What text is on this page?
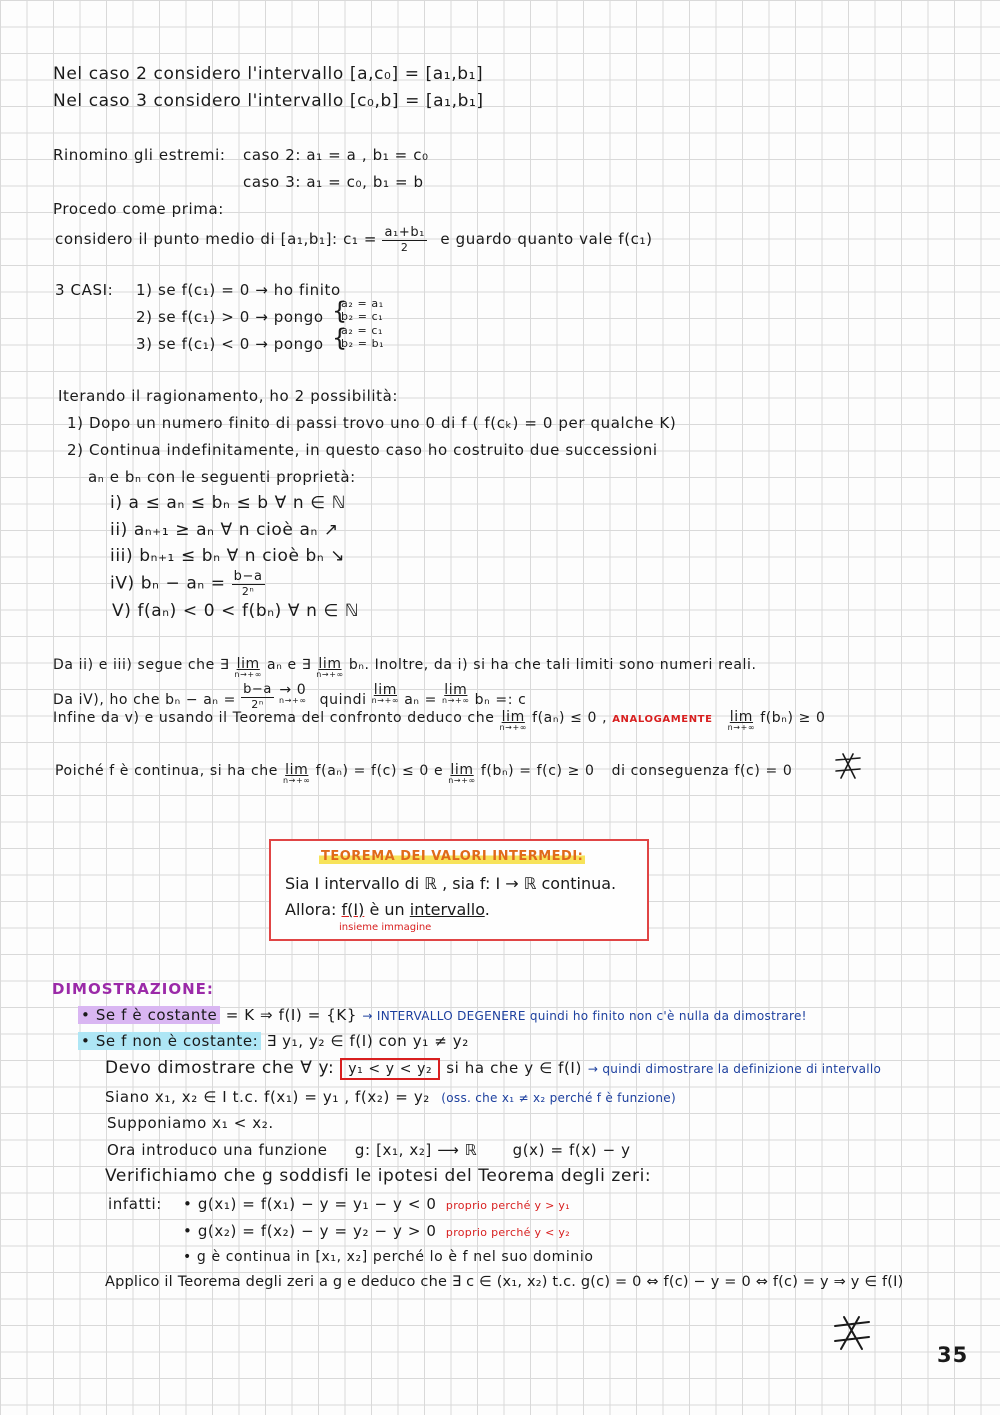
Nel caso 2 considero l'intervallo [a,c₀] = [a₁,b₁]
Nel caso 3 considero l'intervallo [c₀,b] = [a₁,b₁]
Rinomino gli estremi: caso 2: a₁ = a , b₁ = c₀
caso 3: a₁ = c₀, b₁ = b
Procedo come prima:
considero il punto medio di [a₁,b₁]: $c_1 = \frac{\text{a₁+b₁}}{2}$ e guardo quanto vale f(c₁)
3 CASI: 1) se f(c₁) = 0 → ho finito
2) se f(c₁) > 0 → pongo {
a₂ = a₁
b₂ = c₁
3) se f(c₁) < 0 → pongo {
a₂ = c₁
b₂ = b₁
Iterando il ragionamento, ho 2 possibilità:
1) Dopo un numero finito di passi trovo uno 0 di f ( f(cₖ) = 0 per qualche K)
2) Continua indefinitamente, in questo caso ho costruito due successioni
aₙ e bₙ con le seguenti proprietà:
i) a ≤ aₙ ≤ bₙ ≤ b ∀ n ∈ ℕ
ii) aₙ₊₁ ≥ aₙ ∀ n cioè aₙ ↗
iii) bₙ₊₁ ≤ bₙ ∀ n cioè bₙ ↘
iV) $b_n - a_n = \frac{b-a}{\text{2ⁿ}}$
V) f(aₙ) < 0 < f(bₙ) ∀ n ∈ ℕ
Da ii) e iii) segue che ∃ lim
n→+∞
aₙ e ∃ lim
n→+∞
bₙ. Inoltre, da i) si ha che tali limiti sono numeri reali.
Da iV), ho che $b_n - a_n = \frac{b-a}{\text{2ⁿ}}$
→ 0
n→+∞ quindi
lim
n→+∞ aₙ =
lim
n→+∞ bₙ =: c
Infine da v) e usando il Teorema del confronto deduco che lim
n→+∞
f(aₙ) ≤ 0 , ANALOGAMENTE lim
n→+∞
f(bₙ) ≥ 0
Poiché f è continua, si ha che lim
n→+∞
f(aₙ) = f(c) ≤ 0 e lim
n→+∞
f(bₙ) = f(c) ≥ 0 di conseguenza f(c) = 0
TEOREMA DEI VALORI INTERMEDI:
Sia I intervallo di ℝ , sia f: I → ℝ continua.
Allora: f(I) è un intervallo.
insieme immagine
DIMOSTRAZIONE:
• Se f è costante = K ⇒ f(I) = {K} → INTERVALLO DEGENERE quindi ho finito non c'è nulla da dimostrare!
• Se f non è costante: ∃ y₁, y₂ ∈ f(I) con y₁ ≠ y₂
Devo dimostrare che ∀ y: y₁ < y < y₂ si ha che y ∈ f(I) → quindi dimostrare la definizione di intervallo
Siano x₁, x₂ ∈ I t.c. f(x₁) = y₁ , f(x₂) = y₂ (oss. che x₁ ≠ x₂ perché f è funzione)
Supponiamo x₁ < x₂.
Ora introduco una funzione g: [x₁, x₂] ⟶ ℝ g(x) = f(x) − y
Verifichiamo che g soddisfi le ipotesi del Teorema degli zeri:
infatti: • g(x₁) = f(x₁) − y = y₁ − y < 0 proprio perché y > y₁
• g(x₂) = f(x₂) − y = y₂ − y > 0 proprio perché y < y₂
• g è continua in [x₁, x₂] perché lo è f nel suo dominio
Applico il Teorema degli zeri a g e deduco che ∃ c ∈ (x₁, x₂) t.c. g(c) = 0 ⇔ f(c) − y = 0 ⇔ f(c) = y ⇒ y ∈ f(I)
35
